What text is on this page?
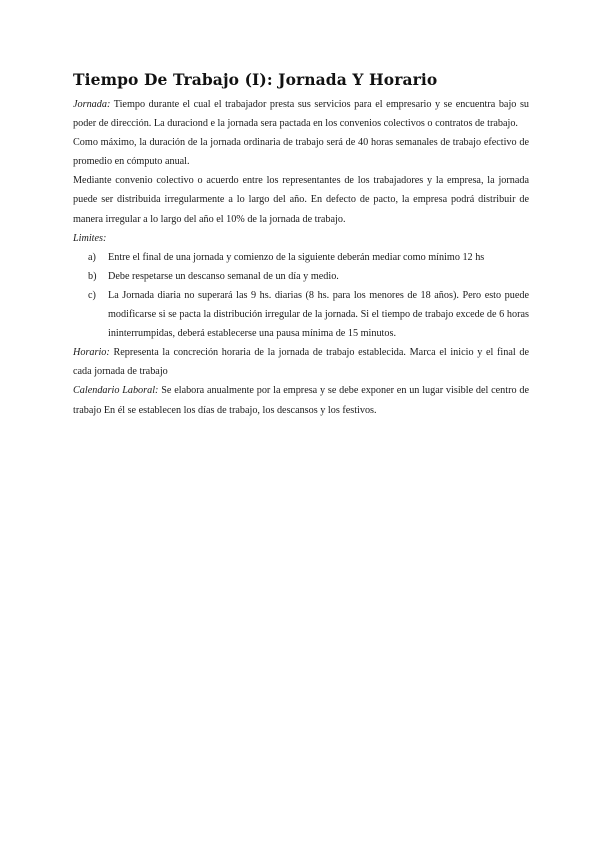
Tiempo De Trabajo (I): Jornada Y Horario

Jornada: Tiempo durante el cual el trabajador presta sus servicios para el empresario y se encuentra bajo su poder de dirección. La duraciond e la jornada sera pactada en los convenios colectivos o contratos de trabajo.

Como máximo, la duración de la jornada ordinaria de trabajo será de 40 horas semanales de trabajo efectivo de promedio en cómputo anual.

Mediante convenio colectivo o acuerdo entre los representantes de los trabajadores y la empresa, la jornada puede ser distribuida irregularmente a lo largo del año. En defecto de pacto, la empresa podrá distribuir de manera irregular a lo largo del año el 10% de la jornada de trabajo.

Limites:

a) Entre el final de una jornada y comienzo de la siguiente deberán mediar como mínimo 12 hs
b) Debe respetarse un descanso semanal de un día y medio.
c) La Jornada diaria no superará las 9 hs. diarias (8 hs. para los menores de 18 años). Pero esto puede modificarse si se pacta la distribución irregular de la jornada. Si el tiempo de trabajo excede de 6 horas ininterrumpidas, deberá establecerse una pausa mínima de 15 minutos.

Horario: Representa la concreción horaria de la jornada de trabajo establecida. Marca el inicio y el final de cada jornada de trabajo

Calendario Laboral: Se elabora anualmente por la empresa y se debe exponer en un lugar visible del centro de trabajo En él se establecen los días de trabajo, los descansos y los festivos.
